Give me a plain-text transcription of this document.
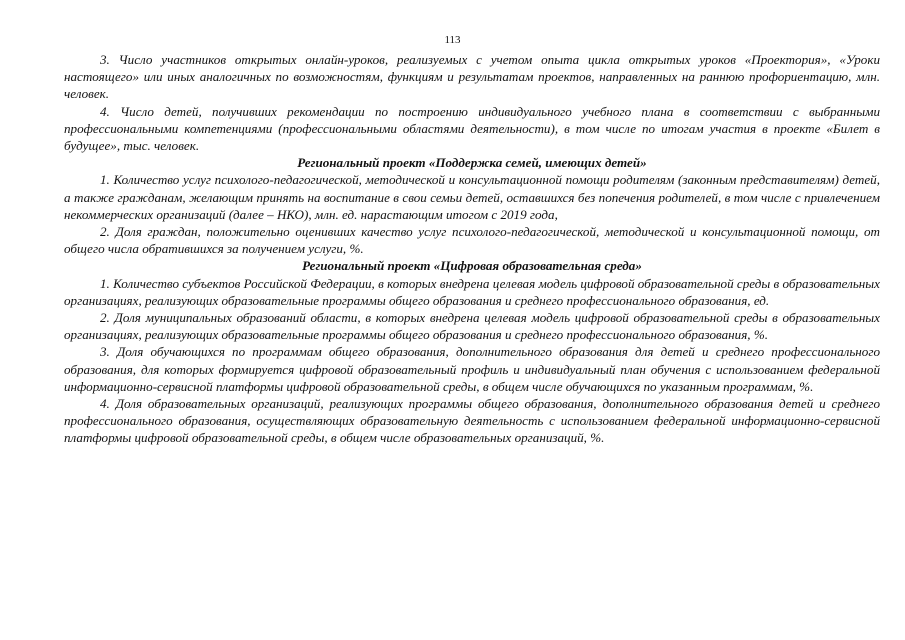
113

3. Число участников открытых онлайн-уроков, реализуемых с учетом опыта цикла открытых уроков «Проектория», «Уроки настоящего» или иных аналогичных по возможностям, функциям и результатам проектов, направленных на раннюю профориентацию, млн. человек.

4. Число детей, получивших рекомендации по построению индивидуального учебного плана в соответствии с выбранными профессиональными компетенциями (профессиональными областями деятельности), в том числе по итогам участия в проекте «Билет в будущее», тыс. человек.

Региональный проект «Поддержка семей, имеющих детей»

1. Количество услуг психолого-педагогической, методической и консультационной помощи родителям (законным представителям) детей, а также гражданам, желающим принять на воспитание в свои семьи детей, оставшихся без попечения родителей, в том числе с привлечением некоммерческих организаций (далее – НКО), млн. ед. нарастающим итогом с 2019 года,

2. Доля граждан, положительно оценивших качество услуг психолого-педагогической, методической и консультационной помощи, от общего числа обратившихся за получением услуги, %.

Региональный проект «Цифровая образовательная среда»

1. Количество субъектов Российской Федерации, в которых внедрена целевая модель цифровой образовательной среды в образовательных организациях, реализующих образовательные программы общего образования и среднего профессионального образования, ед.

2. Доля муниципальных образований области, в которых внедрена целевая модель цифровой образовательной среды в образовательных организациях, реализующих образовательные программы общего образования и среднего профессионального образования, %.

3. Доля обучающихся по программам общего образования, дополнительного образования для детей и среднего профессионального образования, для которых формируется цифровой образовательный профиль и индивидуальный план обучения с использованием федеральной информационно-сервисной платформы цифровой образовательной среды, в общем числе обучающихся по указанным программам, %.

4. Доля образовательных организаций, реализующих программы общего образования, дополнительного образования детей и среднего профессионального образования, осуществляющих образовательную деятельность с использованием федеральной информационно-сервисной платформы цифровой образовательной среды, в общем числе образовательных организаций, %.
